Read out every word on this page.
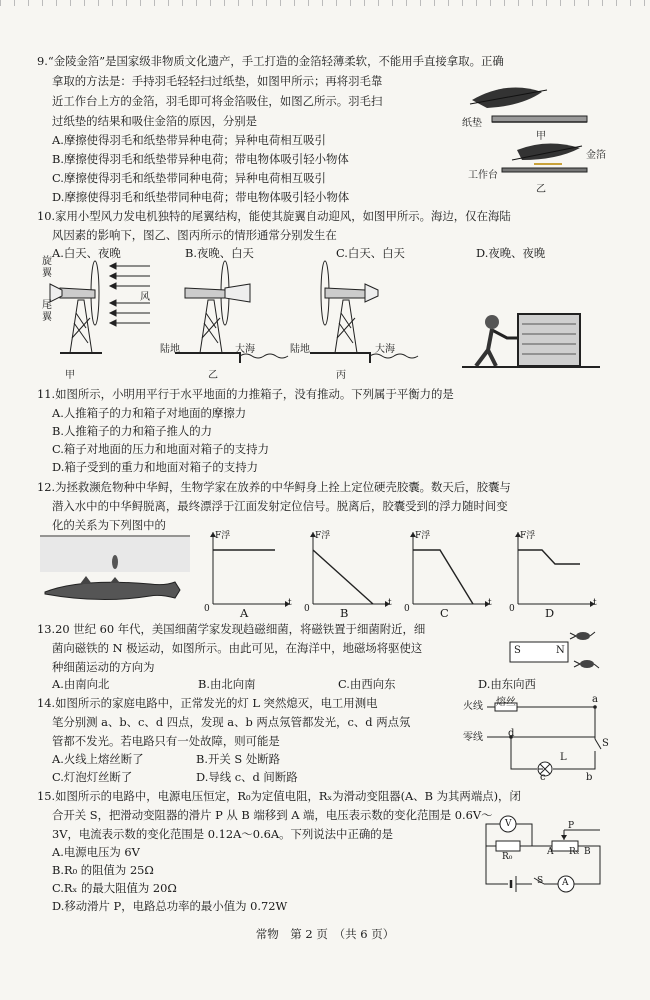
9.“金陵金箔”是国家级非物质文化遗产，手工打造的金箔轻薄柔软，不能用手直接拿取。正确
拿取的方法是：手持羽毛轻轻扫过纸垫，如图甲所示；再将羽毛靠
近工作台上方的金箔，羽毛即可将金箔吸住，如图乙所示。羽毛扫
过纸垫的结果和吸住金箔的原因，分别是
A.摩擦使得羽毛和纸垫带异种电荷；异种电荷相互吸引
B.摩擦使得羽毛和纸垫带异种电荷；带电物体吸引轻小物体
C.摩擦使得羽毛和纸垫带同种电荷；异种电荷相互吸引
D.摩擦使得羽毛和纸垫带同种电荷；带电物体吸引轻小物体
纸垫
甲
金箔
工作台
乙
10.家用小型风力发电机独特的尾翼结构，能使其旋翼自动迎风，如图甲所示。海边，仅在海陆
风因素的影响下，图乙、图丙所示的情形通常分别发生在
A.白天、夜晚	B.夜晚、白天	C.白天、白天	D.夜晚、夜晚
旋翼
尾翼
风
陆地	大海	陆地	大海
甲	乙	丙
11.如图所示，小明用平行于水平地面的力推箱子，没有推动。下列属于平衡力的是
A.人推箱子的力和箱子对地面的摩擦力
B.人推箱子的力和箱子推人的力
C.箱子对地面的压力和地面对箱子的支持力
D.箱子受到的重力和地面对箱子的支持力
12.为拯救濒危物种中华鲟，生物学家在放养的中华鲟身上拴上定位硬壳胶囊。数天后，胶囊与
潜入水中的中华鲟脱离，最终漂浮于江面发射定位信号。脱离后，胶囊受到的浮力随时间变
化的关系为下列图中的
F浮	F浮	F浮	F浮
0	0	0	0
t	t	t	t
A	B	C	D
13.20 世纪 60 年代，美国细菌学家发现趋磁细菌，将磁铁置于细菌附近，细
菌向磁铁的 N 极运动，如图所示。由此可见，在海洋中，地磁场将驱使这
种细菌运动的方向为
S	N
A.由南向北	B.由北向南	C.由西向东	D.由东向西
14.如图所示的家庭电路中，正常发光的灯 L 突然熄灭，电工用测电
笔分别测 a、b、c、d 四点，发现 a、b 两点氖管都发光，c、d 两点氖
管都不发光。若电路只有一处故障，则可能是
A.火线上熔丝断了	B.开关 S 处断路
C.灯泡灯丝断了	D.导线 c、d 间断路
火线 熔丝
零线
a
d
c	b
L
S
15.如图所示的电路中，电源电压恒定，R₀为定值电阻，Rₓ为滑动变阻器(A、B 为其两端点)，闭
合开关 S，把滑动变阻器的滑片 P 从 B 端移到 A 端，电压表示数的变化范围是 0.6V～
3V，电流表示数的变化范围是 0.12A～0.6A。下列说法中正确的是
A.电源电压为 6V
B.R₀ 的阻值为 25Ω
C.Rₓ 的最大阻值为 20Ω
D.移动滑片 P，电路总功率的最小值为 0.72W
V
R₀	A Rₓ B
P
A
S
常物　第 2 页　（共 6 页）
